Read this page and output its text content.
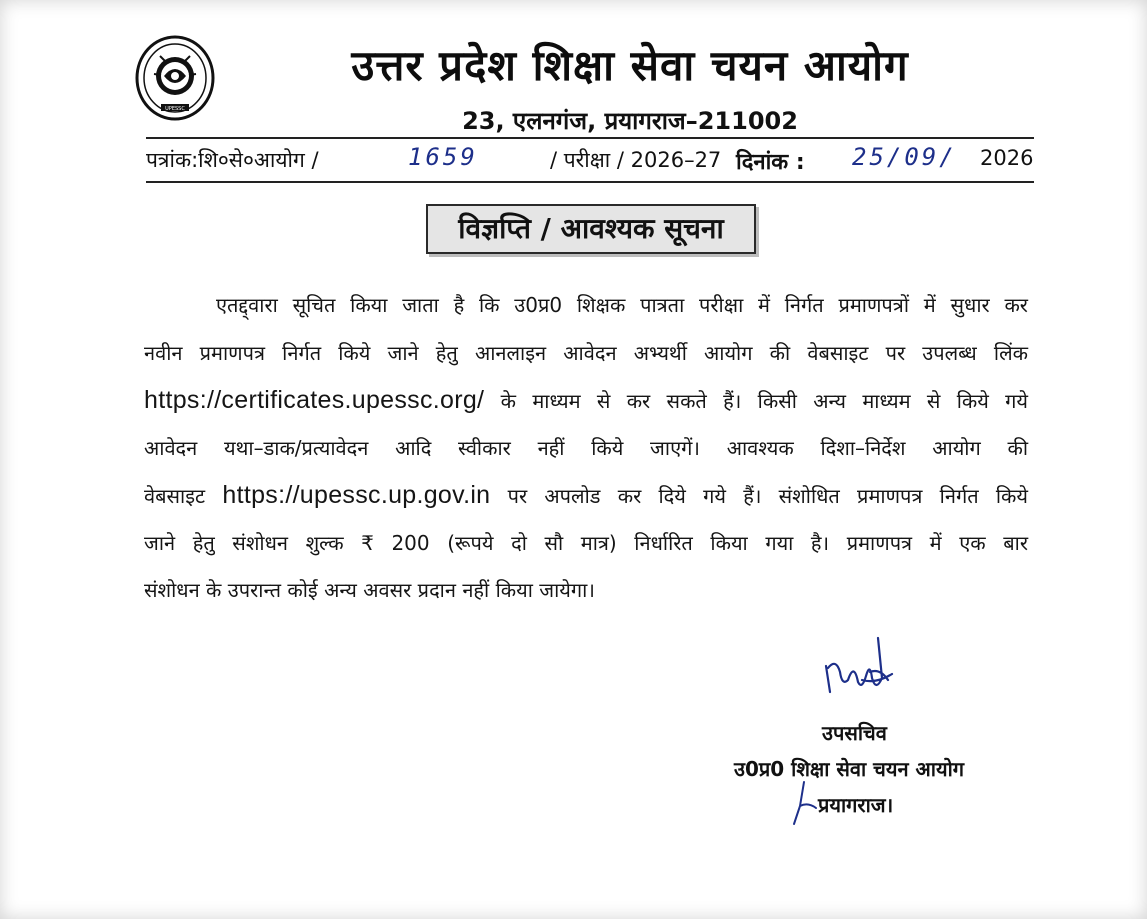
UPESSC
उत्तर प्रदेश शिक्षा सेवा चयन आयोग
23, एलनगंज, प्रयागराज–211002
पत्रांक:शि०से०आयोग /	1659	/ परीक्षा / 2026–27 दिनांक : 25/09/ 2026
विज्ञप्ति / आवश्यक सूचना
एतद्द्वारा सूचित किया जाता है कि उ0प्र0 शिक्षक पात्रता परीक्षा में निर्गत प्रमाणपत्रों में सुधार कर
नवीन प्रमाणपत्र निर्गत किये जाने हेतु आनलाइन आवेदन अभ्यर्थी आयोग की वेबसाइट पर उपलब्ध लिंक
https://certificates.upessc.org/ के माध्यम से कर सकते हैं। किसी अन्य माध्यम से किये गये
आवेदन यथा–डाक/प्रत्यावेदन आदि स्वीकार नहीं किये जाएगें। आवश्यक दिशा–निर्देश आयोग की
वेबसाइट https://upessc.up.gov.in पर अपलोड कर दिये गये हैं। संशोधित प्रमाणपत्र निर्गत किये
जाने हेतु संशोधन शुल्क ₹ 200 (रूपये दो सौ मात्र) निर्धारित किया गया है। प्रमाणपत्र में एक बार
संशोधन के उपरान्त कोई अन्य अवसर प्रदान नहीं किया जायेगा।
उपसचिव
उ0प्र0 शिक्षा सेवा चयन आयोग
प्रयागराज।
